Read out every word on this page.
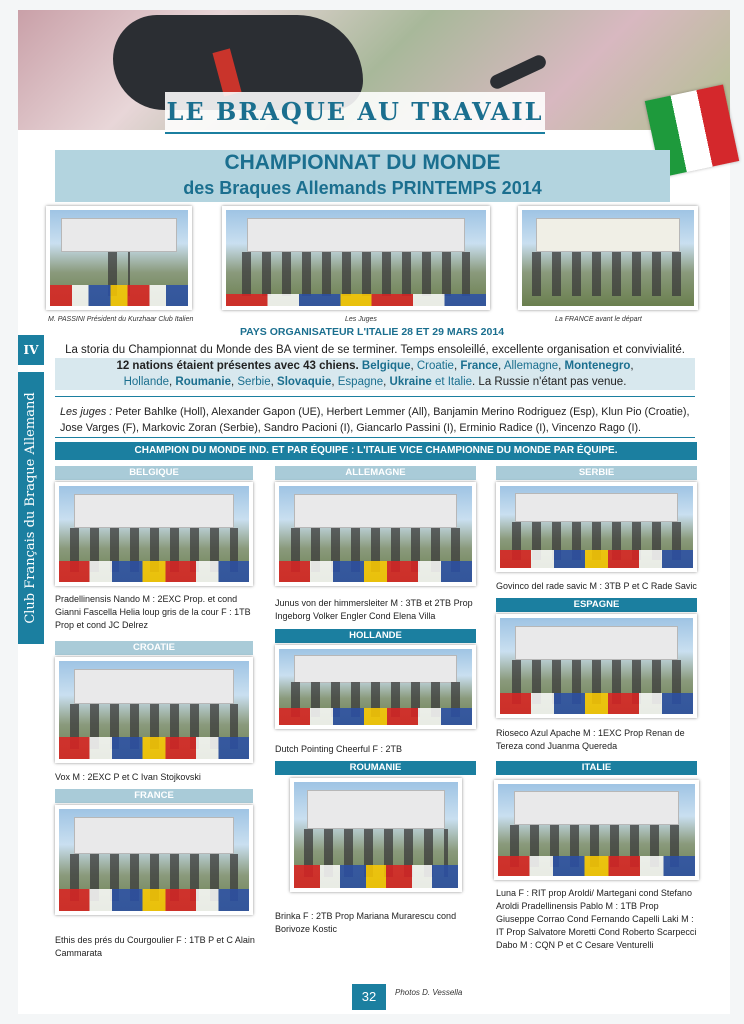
LE BRAQUE AU TRAVAIL
CHAMPIONNAT DU MONDE
des Braques Allemands PRINTEMPS 2014
M. PASSINI Président du Kurzhaar Club Italien	Les Juges	La FRANCE avant le départ
PAYS ORGANISATEUR L'ITALIE 28 ET 29 MARS 2014
La storia du Championnat du Monde des BA vient de se terminer. Temps ensoleillé, excellente organisation et convivialité.
12 nations étaient présentes avec 43 chiens. Belgique, Croatie, France, Allemagne, Montenegro,
Hollande, Roumanie, Serbie, Slovaquie, Espagne, Ukraine et Italie. La Russie n'étant pas venue.
Les juges : Peter Bahlke (Holl), Alexander Gapon (UE), Herbert Lemmer (All), Banjamin Merino Rodriguez (Esp), Klun Pio (Croatie),
Jose Varges (F), Markovic Zoran (Serbie), Sandro Pacioni (I), Giancarlo Passini (I), Erminio Radice (I), Vincenzo Rago (I).
CHAMPION DU MONDE IND. ET PAR ÉQUIPE : L'ITALIE VICE CHAMPIONNE DU MONDE PAR ÉQUIPE.
IV
Club Français du Braque Allemand	BELGIQUE
Pradellinensis Nando M : 2EXC Prop. et cond Gianni Fascella Helia loup gris de la cour F : 1TB Prop et cond JC Delrez
CROATIE
Vox M : 2EXC P et C Ivan Stojkovski
FRANCE
Ethis des prés du Courgoulier F : 1TB P et C Alain Cammarata
ALLEMAGNE
Junus von der himmersleiter M : 3TB et 2TB Prop Ingeborg Volker Engler Cond Elena Villa
HOLLANDE
Dutch Pointing Cheerful F : 2TB
ROUMANIE
Brinka F : 2TB Prop Mariana Murarescu cond Borivoze Kostic
SERBIE
Govinco del rade savic M : 3TB P et C Rade Savic
ESPAGNE
Rioseco Azul Apache M : 1EXC Prop Renan de Tereza cond Juanma Quereda
ITALIE
Luna F : RIT prop Aroldi/ Martegani cond Stefano Aroldi Pradellinensis Pablo M : 1TB Prop Giuseppe Corrao Cond Fernando Capelli Laki M : IT Prop Salvatore Moretti Cond Roberto Scarpecci Dabo M : CQN P et C Cesare Venturelli
32	Photos D. Vessella
